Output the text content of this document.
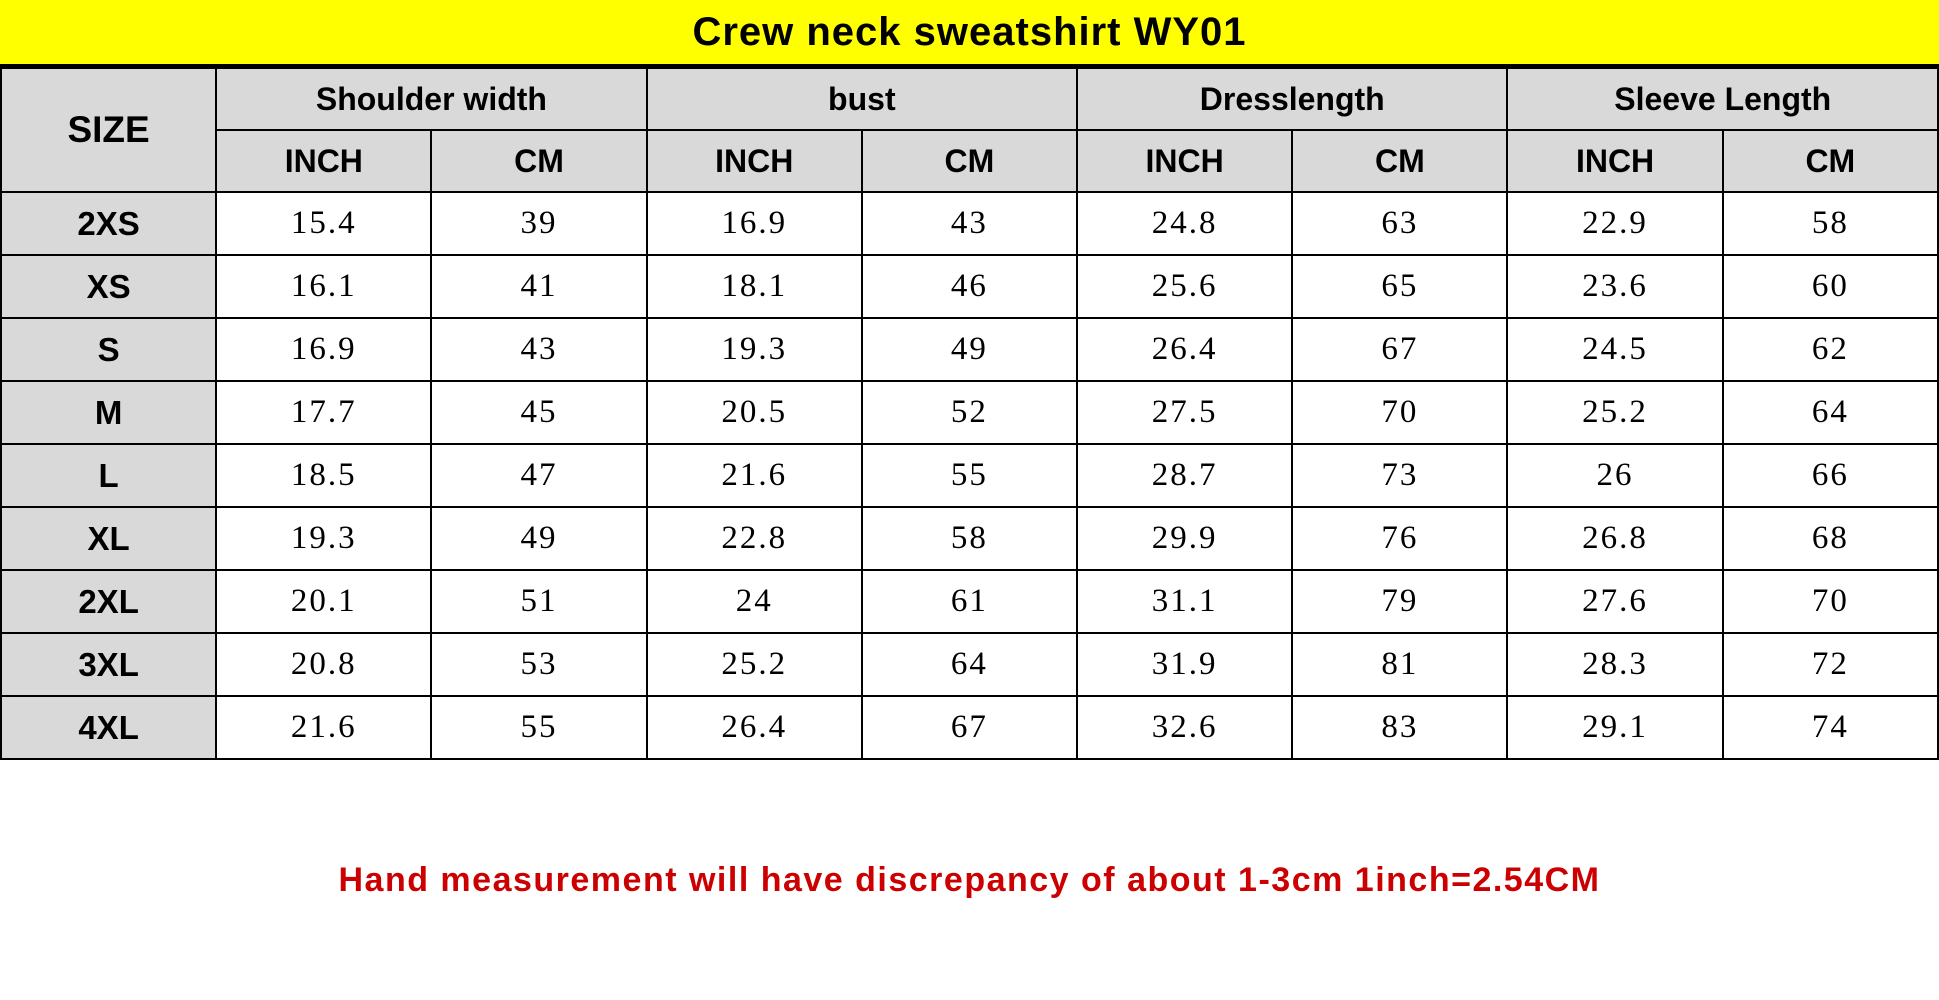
Crew neck sweatshirt WY01
SIZE	Shoulder width		bust		Dresslength		Sleeve Length	
	INCH	CM	INCH	CM	INCH	CM	INCH	CM
2XS	15.4	39	16.9	43	24.8	63	22.9	58
XS	16.1	41	18.1	46	25.6	65	23.6	60
S	16.9	43	19.3	49	26.4	67	24.5	62
M	17.7	45	20.5	52	27.5	70	25.2	64
L	18.5	47	21.6	55	28.7	73	26	66
XL	19.3	49	22.8	58	29.9	76	26.8	68
2XL	20.1	51	24	61	31.1	79	27.6	70
3XL	20.8	53	25.2	64	31.9	81	28.3	72
4XL	21.6	55	26.4	67	32.6	83	29.1	74
Hand measurement will have discrepancy of about 1-3cm 1inch=2.54CM
